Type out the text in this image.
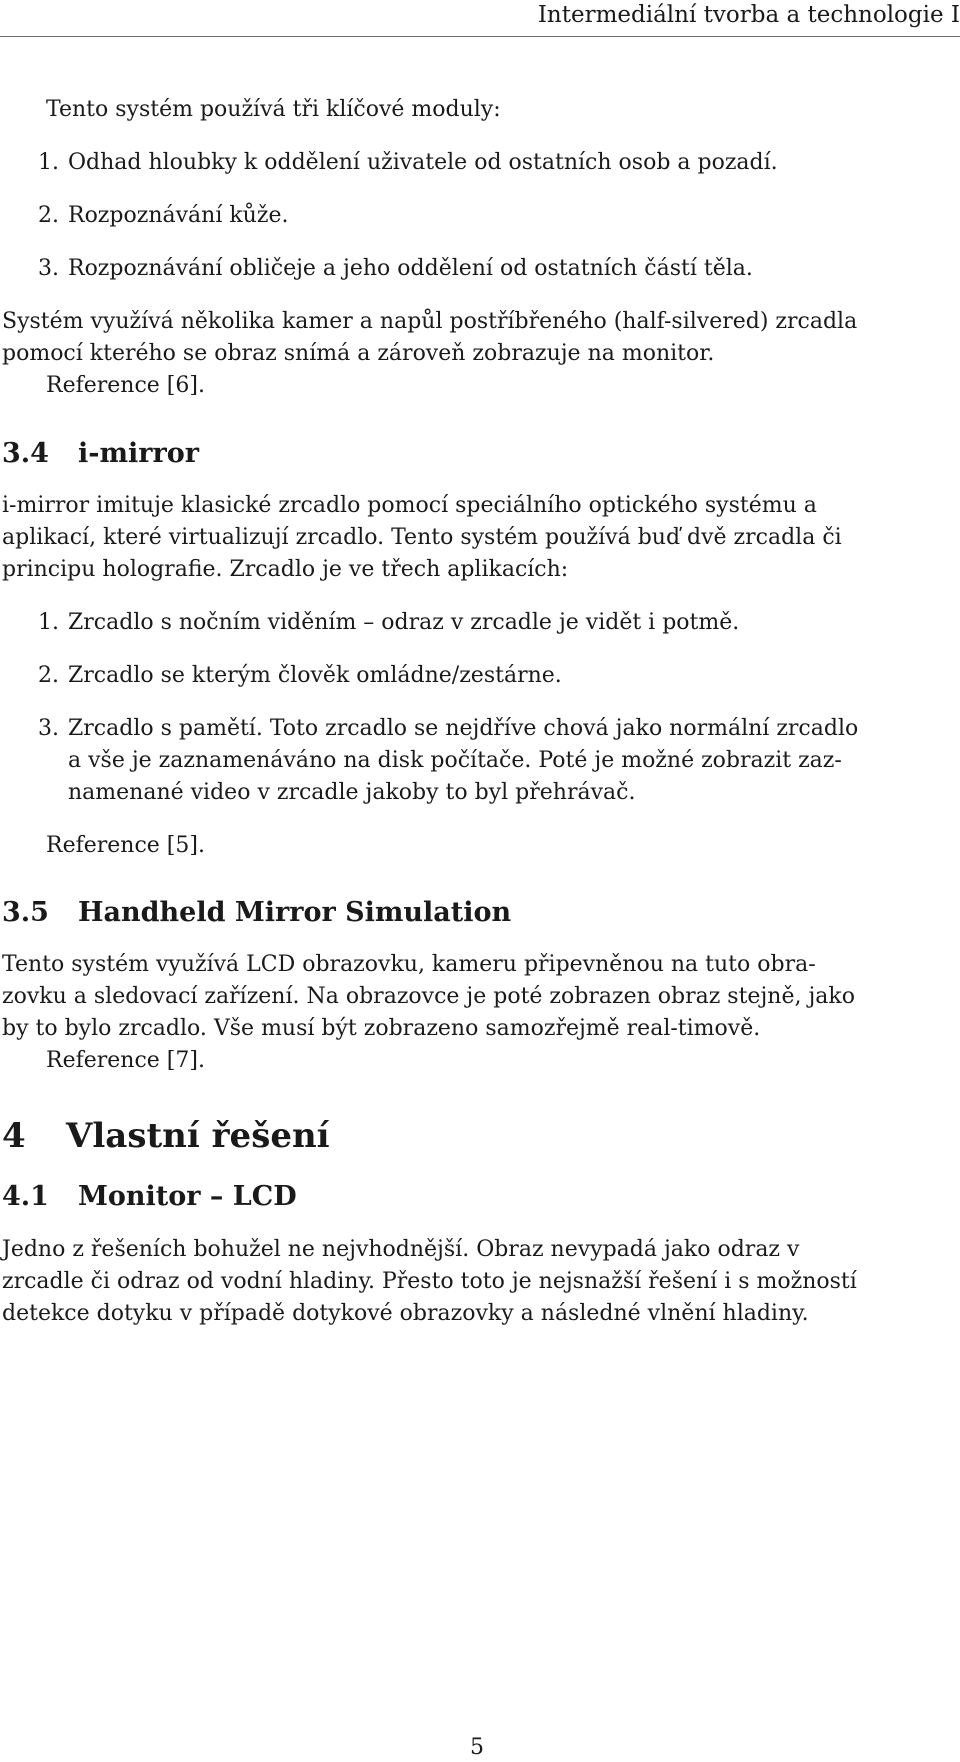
Intermediální tvorba a technologie I
Tento systém používá tři klíčové moduly:
1. Odhad hloubky k oddělení uživatele od ostatních osob a pozadí.
2. Rozpoznávání kůže.
3. Rozpoznávání obličeje a jeho oddělení od ostatních částí těla.
Systém využívá několika kamer a napůl postříbřeného (half-silvered) zrcadla
pomocí kterého se obraz snímá a zároveň zobrazuje na monitor.
Reference [6].
3.4 i-mirror
i-mirror imituje klasické zrcadlo pomocí speciálního optického systému a
aplikací, které virtualizují zrcadlo. Tento systém používá buď dvě zrcadla či
principu holografie. Zrcadlo je ve třech aplikacích:
1. Zrcadlo s nočním viděním – odraz v zrcadle je vidět i potmě.
2. Zrcadlo se kterým člověk omládne/zestárne.
3. Zrcadlo s pamětí. Toto zrcadlo se nejdříve chová jako normální zrcadlo
a vše je zaznamenáváno na disk počítače. Poté je možné zobrazit zaz-
namenané video v zrcadle jakoby to byl přehrávač.
Reference [5].
3.5 Handheld Mirror Simulation
Tento systém využívá LCD obrazovku, kameru připevněnou na tuto obra-
zovku a sledovací zařízení. Na obrazovce je poté zobrazen obraz stejně, jako
by to bylo zrcadlo. Vše musí být zobrazeno samozřejmě real-timově.
Reference [7].
4 Vlastní řešení
4.1 Monitor – LCD
Jedno z řešeních bohužel ne nejvhodnější. Obraz nevypadá jako odraz v
zrcadle či odraz od vodní hladiny. Přesto toto je nejsnažší řešení i s možností
detekce dotyku v případě dotykové obrazovky a následné vlnění hladiny.
5
